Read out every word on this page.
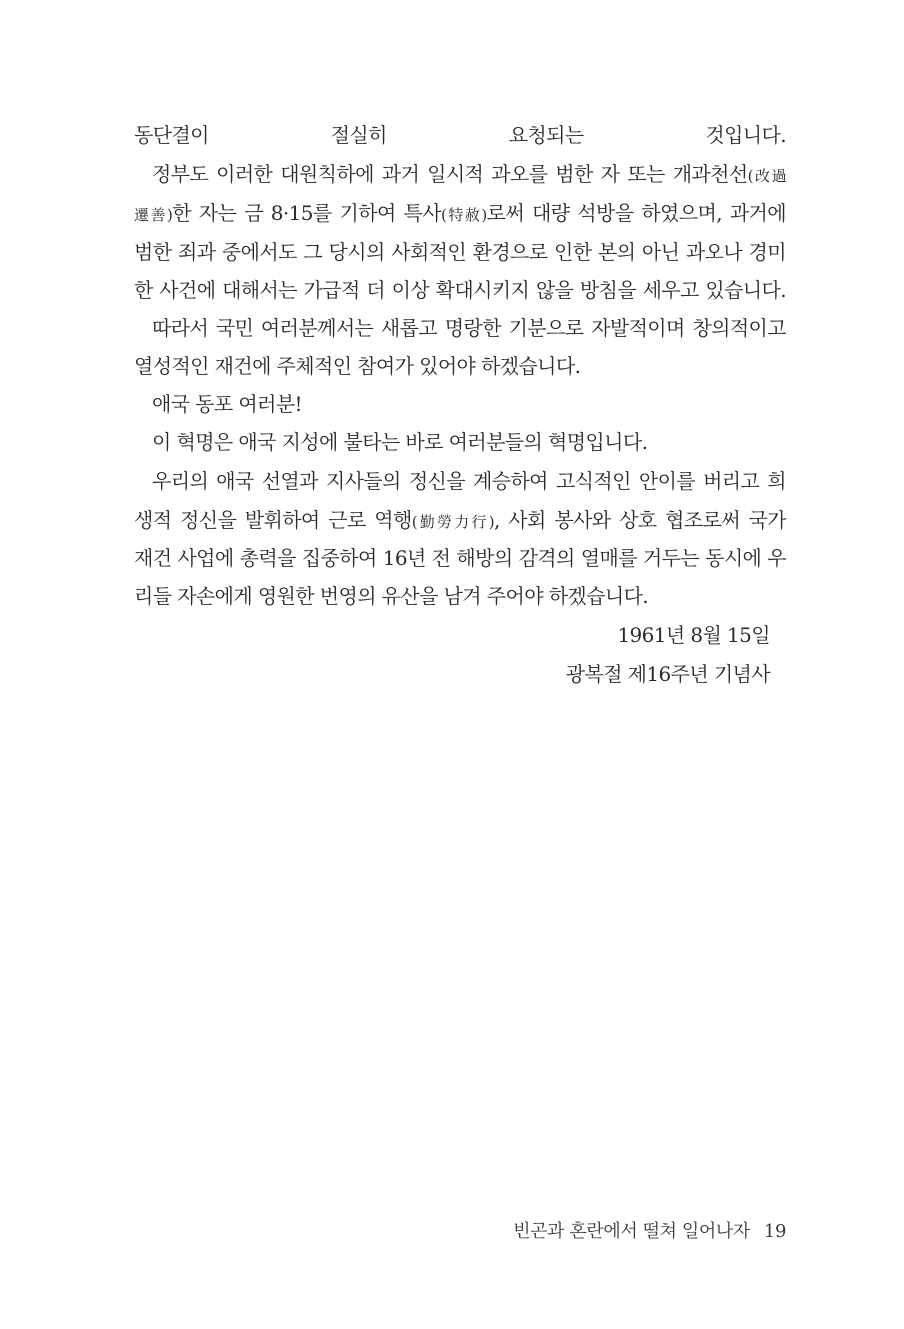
동단결이 절실히 요청되는 것입니다.
정부도 이러한 대원칙하에 과거 일시적 과오를 범한 자 또는 개과천선(改過
遷善)한 자는 금 8·15를 기하여 특사(特赦)로써 대량 석방을 하였으며, 과거에
범한 죄과 중에서도 그 당시의 사회적인 환경으로 인한 본의 아닌 과오나 경미
한 사건에 대해서는 가급적 더 이상 확대시키지 않을 방침을 세우고 있습니다.
따라서 국민 여러분께서는 새롭고 명랑한 기분으로 자발적이며 창의적이고
열성적인 재건에 주체적인 참여가 있어야 하겠습니다.
애국 동포 여러분!
이 혁명은 애국 지성에 불타는 바로 여러분들의 혁명입니다.
우리의 애국 선열과 지사들의 정신을 계승하여 고식적인 안이를 버리고 희
생적 정신을 발휘하여 근로 역행(勤勞力行), 사회 봉사와 상호 협조로써 국가
재건 사업에 총력을 집중하여 16년 전 해방의 감격의 열매를 거두는 동시에 우
리들 자손에게 영원한 번영의 유산을 남겨 주어야 하겠습니다.
1961년 8월 15일
광복절 제16주년 기념사
빈곤과 혼란에서 떨쳐 일어나자 19
